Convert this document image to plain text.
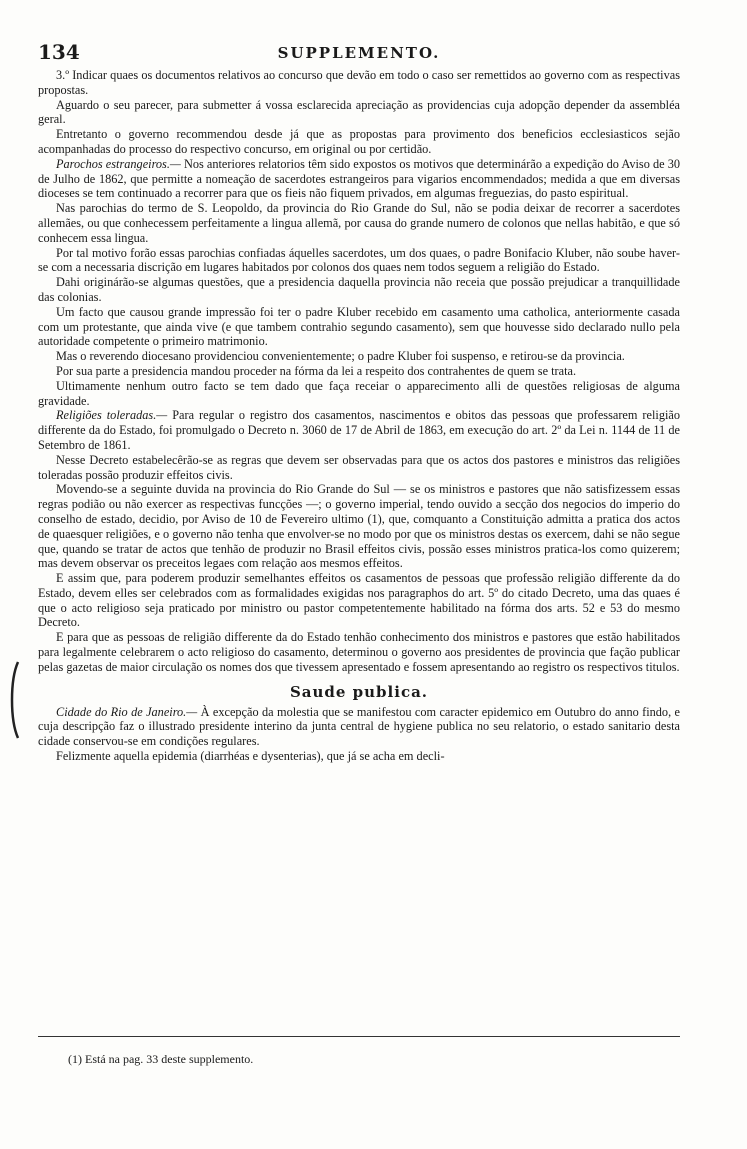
134	SUPPLEMENTO.

3.º Indicar quaes os documentos relativos ao concurso que devão em todo o caso ser remettidos ao governo com as respectivas propostas.

Aguardo o seu parecer, para submetter á vossa esclarecida apreciação as providencias cuja adopção depender da assembléa geral.

Entretanto o governo recommendou desde já que as propostas para provimento dos beneficios ecclesiasticos sejão acompanhadas do processo do respectivo concurso, em original ou por certidão.

Parochos estrangeiros.— Nos anteriores relatorios têm sido expostos os motivos que determinárão a expedição do Aviso de 30 de Julho de 1862, que permitte a nomeação de sacerdotes estrangeiros para vigarios encommendados; medida a que em diversas dioceses se tem continuado a recorrer para que os fieis não fiquem privados, em algumas freguezias, do pasto espiritual.

Nas parochias do termo de S. Leopoldo, da provincia do Rio Grande do Sul, não se podia deixar de recorrer a sacerdotes allemães, ou que conhecessem perfeitamente a lingua allemã, por causa do grande numero de colonos que nellas habitão, e que só conhecem essa lingua.

Por tal motivo forão essas parochias confiadas áquelles sacerdotes, um dos quaes, o padre Bonifacio Kluber, não soube haver-se com a necessaria discrição em lugares habitados por colonos dos quaes nem todos seguem a religião do Estado.

Dahi originárão-se algumas questões, que a presidencia daquella provincia não receia que possão prejudicar a tranquillidade das colonias.

Um facto que causou grande impressão foi ter o padre Kluber recebido em casamento uma catholica, anteriormente casada com um protestante, que ainda vive (e que tambem contrahio segundo casamento), sem que houvesse sido declarado nullo pela autoridade competente o primeiro matrimonio.

Mas o reverendo diocesano providenciou convenientemente; o padre Kluber foi suspenso, e retirou-se da provincia.

Por sua parte a presidencia mandou proceder na fórma da lei a respeito dos contrahentes de quem se trata.

Ultimamente nenhum outro facto se tem dado que faça receiar o apparecimento alli de questões religiosas de alguma gravidade.

Religiões toleradas.— Para regular o registro dos casamentos, nascimentos e obitos das pessoas que professarem religião differente da do Estado, foi promulgado o Decreto n. 3060 de 17 de Abril de 1863, em execução do art. 2º da Lei n. 1144 de 11 de Setembro de 1861.

Nesse Decreto estabelecêrão-se as regras que devem ser observadas para que os actos dos pastores e ministros das religiões toleradas possão produzir effeitos civis.

Movendo-se a seguinte duvida na provincia do Rio Grande do Sul — se os ministros e pastores que não satisfizessem essas regras podião ou não exercer as respectivas funcções —; o governo imperial, tendo ouvido a secção dos negocios do imperio do conselho de estado, decidio, por Aviso de 10 de Fevereiro ultimo (1), que, comquanto a Constituição admitta a pratica dos actos de quaesquer religiões, e o governo não tenha que envolver-se no modo por que os ministros destas os exercem, dahi se não segue que, quando se tratar de actos que tenhão de produzir no Brasil effeitos civis, possão esses ministros pratica-los como quizerem; mas devem observar os preceitos legaes com relação aos mesmos effeitos.

E assim que, para poderem produzir semelhantes effeitos os casamentos de pessoas que professão religião differente da do Estado, devem elles ser celebrados com as formalidades exigidas nos paragraphos do art. 5º do citado Decreto, uma das quaes é que o acto religioso seja praticado por ministro ou pastor competentemente habilitado na fórma dos arts. 52 e 53 do mesmo Decreto.

E para que as pessoas de religião differente da do Estado tenhão conhecimento dos ministros e pastores que estão habilitados para legalmente celebrarem o acto religioso do casamento, determinou o governo aos presidentes de provincia que fação publicar pelas gazetas de maior circulação os nomes dos que tivessem apresentado e fossem apresentando ao registro os respectivos titulos.

Saude publica.

Cidade do Rio de Janeiro.— À excepção da molestia que se manifestou com caracter epidemico em Outubro do anno findo, e cuja descripção faz o illustrado presidente interino da junta central de hygiene publica no seu relatorio, o estado sanitario desta cidade conservou-se em condições regulares.

Felizmente aquella epidemia (diarrhéas e dysenterias), que já se acha em decli-

(1) Está na pag. 33 deste supplemento.
